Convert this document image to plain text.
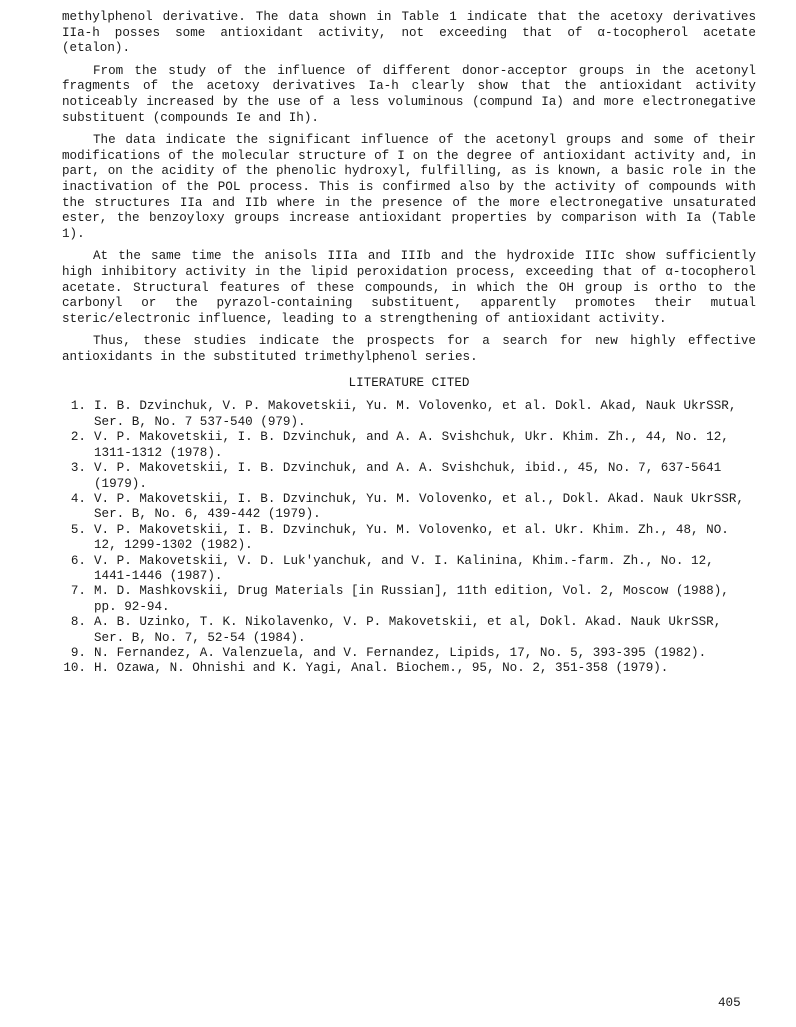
methylphenol derivative. The data shown in Table 1 indicate that the acetoxy derivatives IIa-h posses some antioxidant activity, not exceeding that of α-tocopherol acetate (etalon).

From the study of the influence of different donor-acceptor groups in the acetonyl fragments of the acetoxy derivatives Ia-h clearly show that the antioxidant activity noticeably increased by the use of a less voluminous (compund Ia) and more electronegative substituent (compounds Ie and Ih).

The data indicate the significant influence of the acetonyl groups and some of their modifications of the molecular structure of I on the degree of antioxidant activity and, in part, on the acidity of the phenolic hydroxyl, fulfilling, as is known, a basic role in the inactivation of the POL process. This is confirmed also by the activity of compounds with the structures IIa and IIb where in the presence of the more electronegative unsaturated ester, the benzoyloxy groups increase antioxidant properties by comparison with Ia (Table 1).

At the same time the anisols IIIa and IIIb and the hydroxide IIIc show sufficiently high inhibitory activity in the lipid peroxidation process, exceeding that of α-tocopherol acetate. Structural features of these compounds, in which the OH group is ortho to the carbonyl or the pyrazol-containing substituent, apparently promotes their mutual steric/electronic influence, leading to a strengthening of antioxidant activity.

Thus, these studies indicate the prospects for a search for new highly effective antioxidants in the substituted trimethylphenol series.

LITERATURE CITED
1. I. B. Dzvinchuk, V. P. Makovetskii, Yu. M. Volovenko, et al. Dokl. Akad, Nauk UkrSSR, Ser. B, No. 7 537-540 (979).
2. V. P. Makovetskii, I. B. Dzvinchuk, and A. A. Svishchuk, Ukr. Khim. Zh., 44, No. 12, 1311-1312 (1978).
3. V. P. Makovetskii, I. B. Dzvinchuk, and A. A. Svishchuk, ibid., 45, No. 7, 637-5641 (1979).
4. V. P. Makovetskii, I. B. Dzvinchuk, Yu. M. Volovenko, et al., Dokl. Akad. Nauk UkrSSR, Ser. B, No. 6, 439-442 (1979).
5. V. P. Makovetskii, I. B. Dzvinchuk, Yu. M. Volovenko, et al. Ukr. Khim. Zh., 48, NO. 12, 1299-1302 (1982).
6. V. P. Makovetskii, V. D. Luk'yanchuk, and V. I. Kalinina, Khim.-farm. Zh., No. 12, 1441-1446 (1987).
7. M. D. Mashkovskii, Drug Materials [in Russian], 11th edition, Vol. 2, Moscow (1988), pp. 92-94.
8. A. B. Uzinko, T. K. Nikolavenko, V. P. Makovetskii, et al, Dokl. Akad. Nauk UkrSSR, Ser. B, No. 7, 52-54 (1984).
9. N. Fernandez, A. Valenzuela, and V. Fernandez, Lipids, 17, No. 5, 393-395 (1982).
10. H. Ozawa, N. Ohnishi and K. Yagi, Anal. Biochem., 95, No. 2, 351-358 (1979).
405
